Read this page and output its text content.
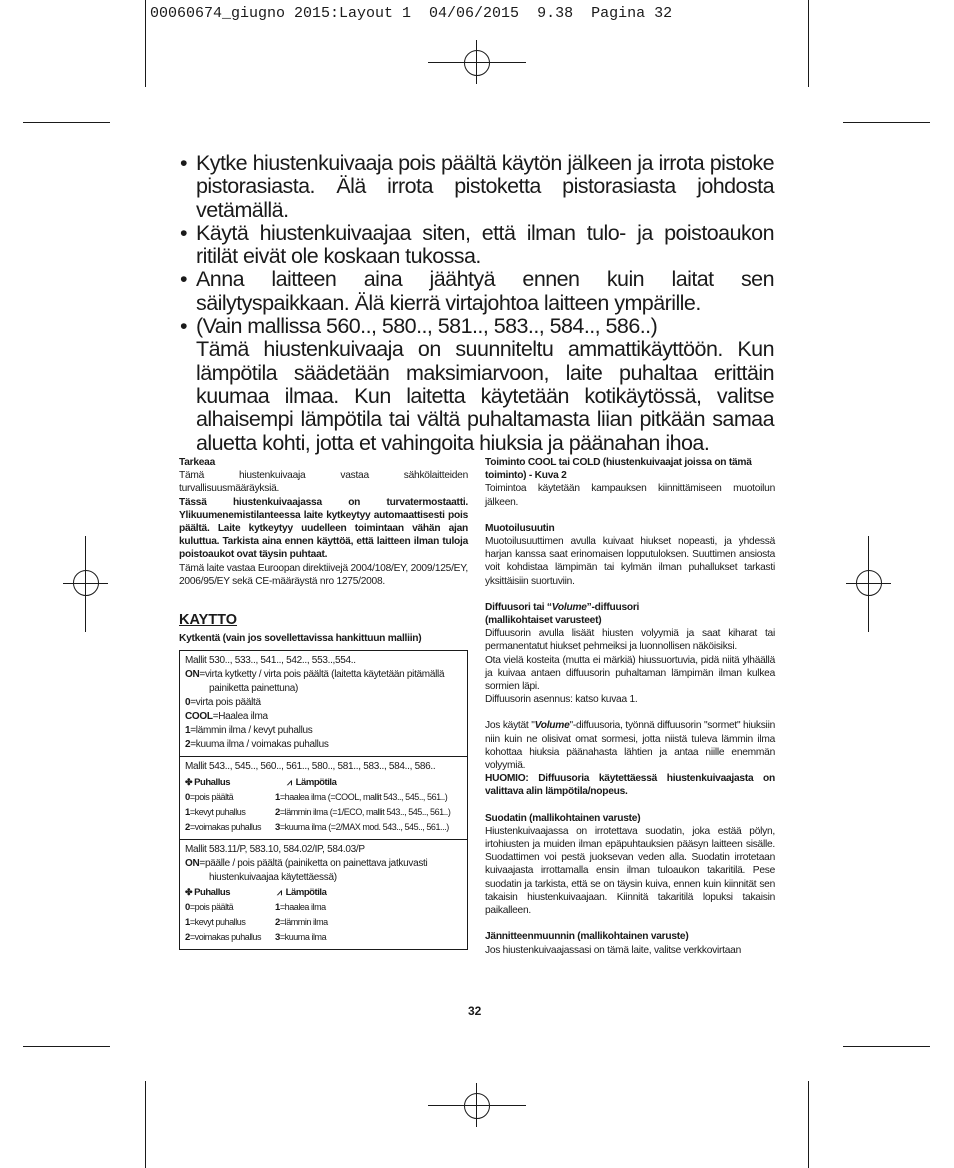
00060674_giugno 2015:Layout 1  04/06/2015  9.38  Pagina 32
• Kytke hiustenkuivaaja pois päältä käytön jälkeen ja irrota pistoke pistorasiasta. Älä irrota pistoketta pistorasiasta johdosta vetämällä.
• Käytä hiustenkuivaajaa siten, että ilman tulo- ja poistoaukon ritilät eivät ole koskaan tukossa.
• Anna laitteen aina jäähtyä ennen kuin laitat sen säilytyspaikkaan. Älä kierrä virtajohtoa laitteen ympärille.
• (Vain mallissa 560.., 580.., 581.., 583.., 584.., 586..)
Tämä hiustenkuivaaja on suunniteltu ammattikäyttöön. Kun lämpötila säädetään maksimiarvoon, laite puhaltaa erittäin kuumaa ilmaa. Kun laitetta käytetään kotikäytössä, valitse alhaisempi lämpötila tai vältä puhaltamasta liian pitkään samaa aluetta kohti, jotta et vahingoita hiuksia ja päänahan ihoa.
Tarkeaa

Tämä hiustenkuivaaja vastaa sähkölaitteiden turvallisuusmääräyksiä.

Tässä hiustenkuivaajassa on turvatermostaatti. Ylikuumenemistilanteessa laite kytkeytyy automaattisesti pois päältä. Laite kytkeytyy uudelleen toimintaan vähän ajan kuluttua. Tarkista aina ennen käyttöä, että laitteen ilman tuloja poistoaukot ovat täysin puhtaat.

Tämä laite vastaa Euroopan direktiivejä 2004/108/EY, 2009/125/EY, 2006/95/EY sekä CE-määräystä nro 1275/2008.

KAYTTO
Kytkentä (vain jos sovellettavissa hankittuun malliin)
Mallit 530.., 533.., 541.., 542.., 553..,554..
ON=virta kytketty / virta pois päältä (laitetta käytetään pitämällä
painiketta painettuna)
0=virta pois päältä
COOL=Haalea ilma
1=lämmin ilma / kevyt puhallus
2=kuuma ilma / voimakas puhallus
Mallit 543.., 545.., 560.., 561.., 580.., 581.., 583.., 584.., 586..
✤ Puhallus	⩘ Lämpötila
0=pois päältä	1=haalea ilma (=COOL, mallit 543.., 545.., 561..)
1=kevyt puhallus	2=lämmin ilma (=1/ECO, mallit 543.., 545.., 561..)
2=voimakas puhallus	3=kuuma ilma (=2/MAX mod. 543.., 545.., 561...)
Mallit 583.11/P, 583.10, 584.02/IP, 584.03/P
ON=päälle / pois päältä (painiketta on painettava jatkuvasti
hiustenkuivaajaa käytettäessä)
✤ Puhallus	⩘ Lämpötila
0=pois päältä	1=haalea ilma
1=kevyt puhallus	2=lämmin ilma
2=voimakas puhallus	3=kuuma ilma
Toiminto COOL tai COLD (hiustenkuivaajat joissa on tämä toiminto) - Kuva 2

Toimintoa käytetään kampauksen kiinnittämiseen muotoilun jälkeen.

Muotoilusuutin

Muotoilusuuttimen avulla kuivaat hiukset nopeasti, ja yhdessä harjan kanssa saat erinomaisen lopputuloksen. Suuttimen ansiosta voit kohdistaa lämpimän tai kylmän ilman puhallukset tarkasti yksittäisiin suortuviin.

Diffuusori tai “Volume”-diffuusori
(mallikohtaiset varusteet)

Diffuusorin avulla lisäät hiusten volyymiä ja saat kiharat tai permanentatut hiukset pehmeiksi ja luonnollisen näköisiksi.

Ota vielä kosteita (mutta ei märkiä) hiussuortuvia, pidä niitä ylhäällä ja kuivaa antaen diffuusorin puhaltaman lämpimän ilman kulkea sormien läpi.

Diffuusorin asennus: katso kuvaa 1.

Jos käytät "Volume"-diffuusoria, työnnä diffuusorin "sormet" hiuksiin niin kuin ne olisivat omat sormesi, jotta niistä tuleva lämmin ilma kohottaa hiuksia päänahasta lähtien ja antaa niille enemmän volyymiä.

HUOMIO: Diffuusoria käytettäessä hiustenkuivaajasta on valittava alin lämpötila/nopeus.

Suodatin (mallikohtainen varuste)

Hiustenkuivaajassa on irrotettava suodatin, joka estää pölyn, irtohiusten ja muiden ilman epäpuhtauksien pääsyn laitteen sisälle. Suodattimen voi pestä juoksevan veden alla. Suodatin irrotetaan kuivaajasta irrottamalla ensin ilman tuloaukon takaritilä. Pese suodatin ja tarkista, että se on täysin kuiva, ennen kuin kiinnität sen takaisin hiustenkuivaajaan. Kiinnitä takaritilä lopuksi takaisin paikalleen.

Jännitteenmuunnin (mallikohtainen varuste)

Jos hiustenkuivaajassasi on tämä laite, valitse verkkovirtaan

32
